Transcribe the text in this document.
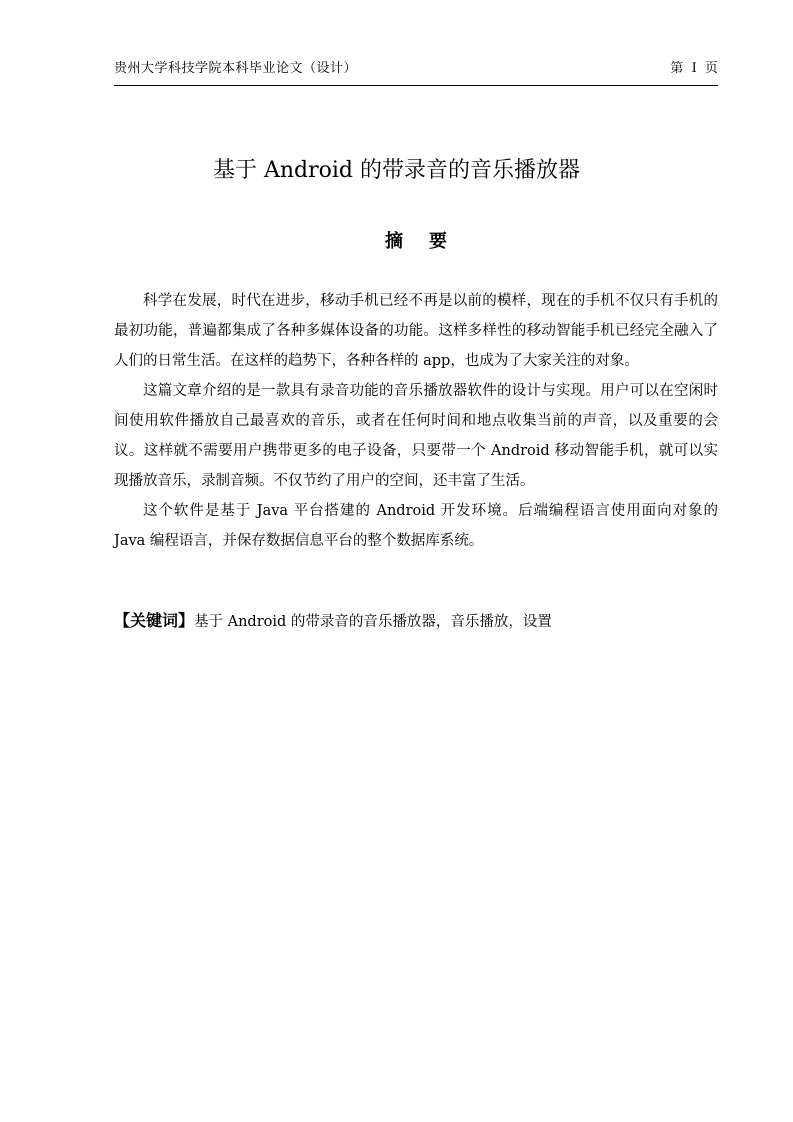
贵州大学科技学院本科毕业论文（设计）	第 I 页
基于 Android 的带录音的音乐播放器
摘 要

科学在发展，时代在进步，移动手机已经不再是以前的模样，现在的手机不仅只有手机的最初功能，普遍都集成了各种多媒体设备的功能。这样多样性的移动智能手机已经完全融入了人们的日常生活。在这样的趋势下，各种各样的 app，也成为了大家关注的对象。

这篇文章介绍的是一款具有录音功能的音乐播放器软件的设计与实现。用户可以在空闲时间使用软件播放自己最喜欢的音乐，或者在任何时间和地点收集当前的声音，以及重要的会议。这样就不需要用户携带更多的电子设备，只要带一个 Android 移动智能手机，就可以实现播放音乐，录制音频。不仅节约了用户的空间，还丰富了生活。

这个软件是基于 Java 平台搭建的 Android 开发环境。后端编程语言使用面向对象的 Java 编程语言，并保存数据信息平台的整个数据库系统。

【关键词】基于 Android 的带录音的音乐播放器，音乐播放，设置
